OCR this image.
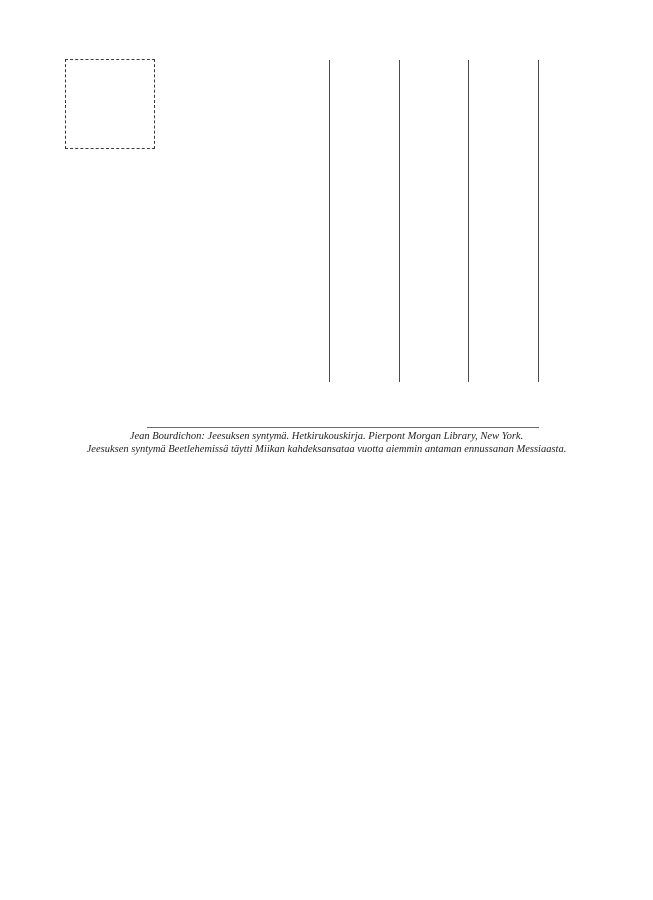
Jean Bourdichon: Jeesuksen syntymä. Hetkirukouskirja. Pierpont Morgan Library, New York.
Jeesuksen syntymä Beetlehemissä täytti Miikan kahdeksansataa vuotta aiemmin antaman ennussanan Messiaasta.
